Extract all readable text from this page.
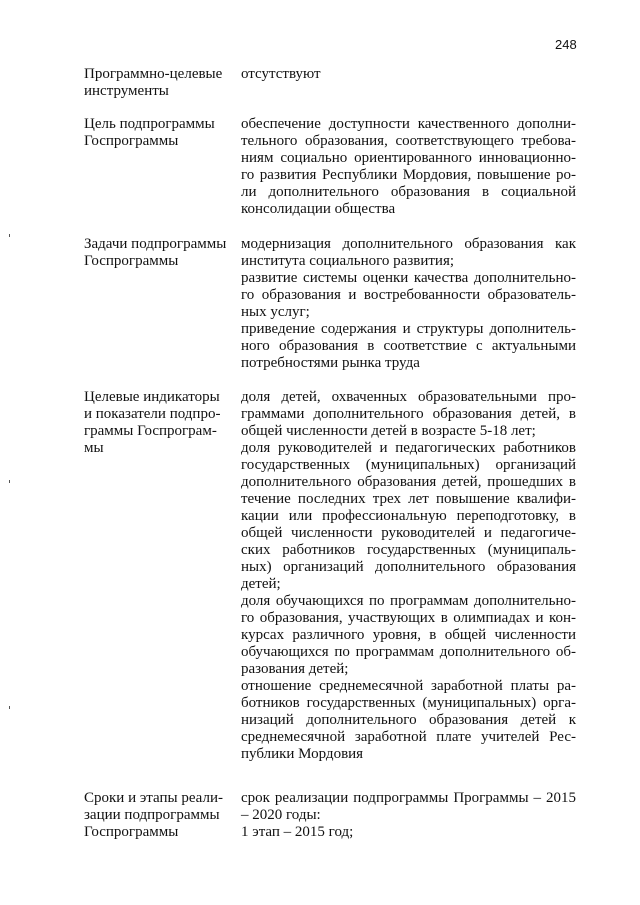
248
Программно-целевые
инструменты
отсутствуют
Цель подпрограммы
Госпрограммы
обеспечение доступности качественного дополни-
тельного образования, соответствующего требова-
ниям социально ориентированного инновационно-
го развития Республики Мордовия, повышение ро-
ли дополнительного образования в социальной
консолидации общества
Задачи подпрограммы
Госпрограммы
модернизация дополнительного образования как
института социального развития;
развитие системы оценки качества дополнительно-
го образования и востребованности образователь-
ных услуг;
приведение содержания и структуры дополнитель-
ного образования в соответствие с актуальными
потребностями рынка труда
Целевые индикаторы
и показатели подпро-
граммы Госпрограм-
мы
доля детей, охваченных образовательными про-
граммами дополнительного образования детей, в
общей численности детей в возрасте 5-18 лет;
доля руководителей и педагогических работников
государственных (муниципальных) организаций
дополнительного образования детей, прошедших в
течение последних трех лет повышение квалифи-
кации или профессиональную переподготовку, в
общей численности руководителей и педагогиче-
ских работников государственных (муниципаль-
ных) организаций дополнительного образования
детей;
доля обучающихся по программам дополнительно-
го образования, участвующих в олимпиадах и кон-
курсах различного уровня, в общей численности
обучающихся по программам дополнительного об-
разования детей;
отношение среднемесячной заработной платы ра-
ботников государственных (муниципальных) орга-
низаций дополнительного образования детей к
среднемесячной заработной плате учителей Рес-
публики Мордовия
Сроки и этапы реали-
зации подпрограммы
Госпрограммы
срок реализации подпрограммы Программы – 2015
– 2020 годы:
1 этап – 2015 год;
